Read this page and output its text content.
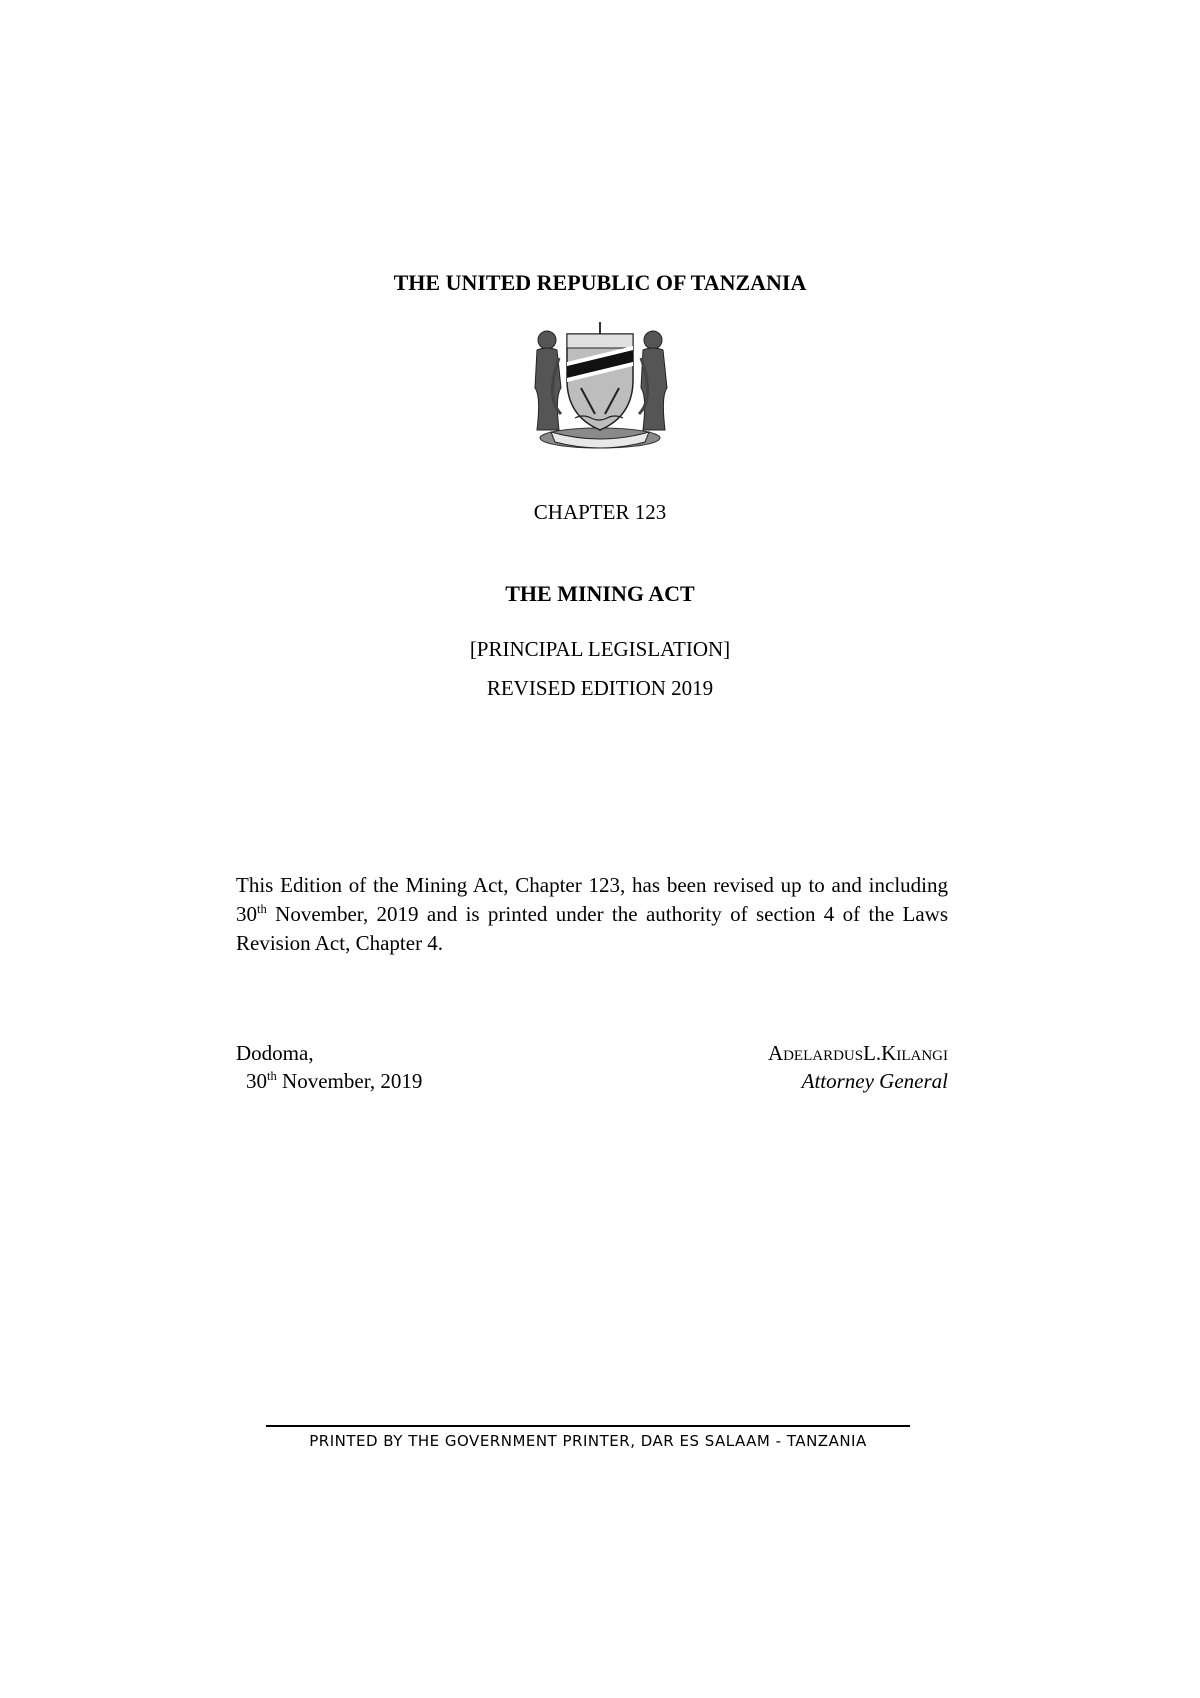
THE UNITED REPUBLIC OF TANZANIA
CHAPTER 123
THE MINING ACT
[PRINCIPAL LEGISLATION]
REVISED EDITION 2019

This Edition of the Mining Act, Chapter 123, has been revised up to and including 30th November, 2019 and is printed under the authority of section 4 of the Laws Revision Act, Chapter 4.

Dodoma,
30th November, 2019
AdelardusL.Kilangi
Attorney General
PRINTED BY THE GOVERNMENT PRINTER, DAR ES SALAAM - TANZANIA
